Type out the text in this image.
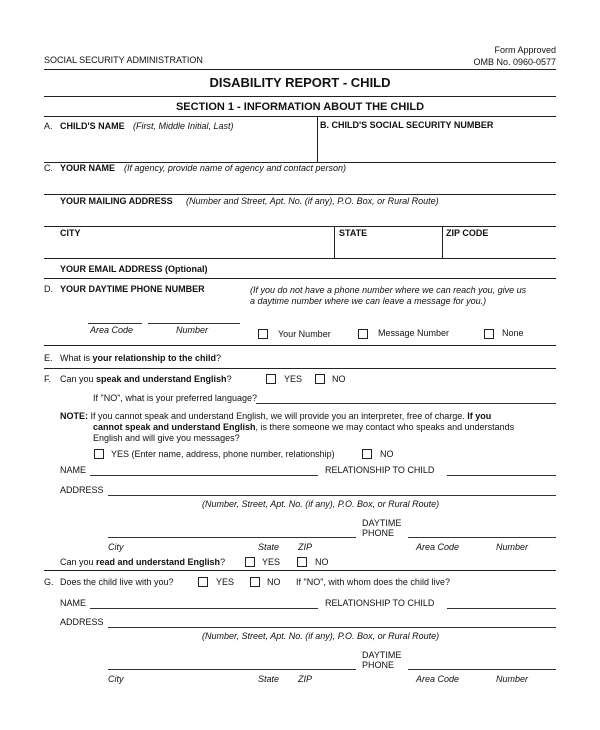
SOCIAL SECURITY ADMINISTRATION
Form Approved
OMB No. 0960-0577
DISABILITY REPORT - CHILD
SECTION 1 - INFORMATION ABOUT THE CHILD
A. CHILD'S NAME (First, Middle Initial, Last)	B. CHILD'S SOCIAL SECURITY NUMBER
C. YOUR NAME (If agency, provide name of agency and contact person)
YOUR MAILING ADDRESS (Number and Street, Apt. No. (if any), P.O. Box, or Rural Route)
CITY	STATE	ZIP CODE
YOUR EMAIL ADDRESS (Optional)
D. YOUR DAYTIME PHONE NUMBER	(If you do not have a phone number where we can reach you, give us
a daytime number where we can leave a message for you.)
Area Code	Number	Your Number	Message Number	None
E. What is your relationship to the child?
F. Can you speak and understand English?	YES	NO
If "NO", what is your preferred language?
NOTE: If you cannot speak and understand English, we will provide you an interpreter, free of charge. If you
cannot speak and understand English, is there someone we may contact who speaks and understands
English and will give you messages?
YES (Enter name, address, phone number, relationship)	NO
NAME	RELATIONSHIP TO CHILD
ADDRESS
(Number, Street, Apt. No. (if any), P.O. Box, or Rural Route)
DAYTIME
PHONE
City	State ZIP	Area Code	Number
Can you read and understand English?	YES	NO
G. Does the child live with you?	YES	NO If "NO", with whom does the child live?
NAME	RELATIONSHIP TO CHILD
ADDRESS
(Number, Street, Apt. No. (if any), P.O. Box, or Rural Route)
DAYTIME
PHONE
City	State ZIP	Area Code	Number
